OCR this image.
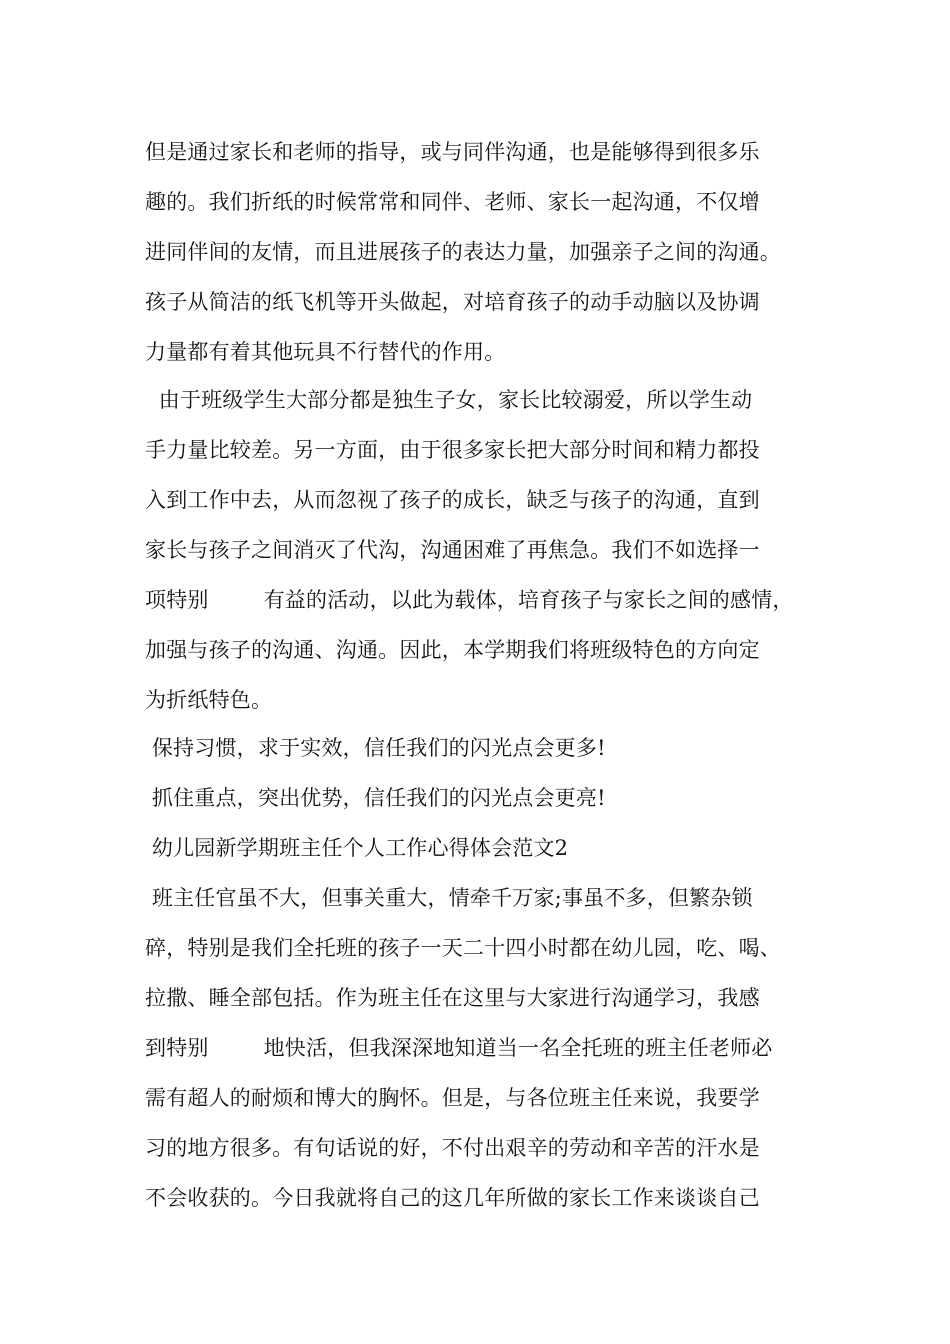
但是通过家长和老师的指导，或与同伴沟通，也是能够得到很多乐
趣的。我们折纸的时候常常和同伴、老师、家长一起沟通，不仅增
进同伴间的友情，而且进展孩子的表达力量，加强亲子之间的沟通。
孩子从简洁的纸飞机等开头做起，对培育孩子的动手动脑以及协调
力量都有着其他玩具不行替代的作用。
由于班级学生大部分都是独生子女，家长比较溺爱，所以学生动
手力量比较差。另一方面，由于很多家长把大部分时间和精力都投
入到工作中去，从而忽视了孩子的成长，缺乏与孩子的沟通，直到
家长与孩子之间消灭了代沟，沟通困难了再焦急。我们不如选择一
项特别        有益的活动，以此为载体，培育孩子与家长之间的感情，
加强与孩子的沟通、沟通。因此，本学期我们将班级特色的方向定
为折纸特色。
保持习惯，求于实效，信任我们的闪光点会更多!
抓住重点，突出优势，信任我们的闪光点会更亮!
幼儿园新学期班主任个人工作心得体会范文2
班主任官虽不大，但事关重大，情牵千万家;事虽不多，但繁杂锁
碎，特别是我们全托班的孩子一天二十四小时都在幼儿园，吃、喝、
拉撒、睡全部包括。作为班主任在这里与大家进行沟通学习，我感
到特别        地快活，但我深深地知道当一名全托班的班主任老师必
需有超人的耐烦和博大的胸怀。但是，与各位班主任来说，我要学
习的地方很多。有句话说的好，不付出艰辛的劳动和辛苦的汗水是
不会收获的。今日我就将自己的这几年所做的家长工作来谈谈自己
